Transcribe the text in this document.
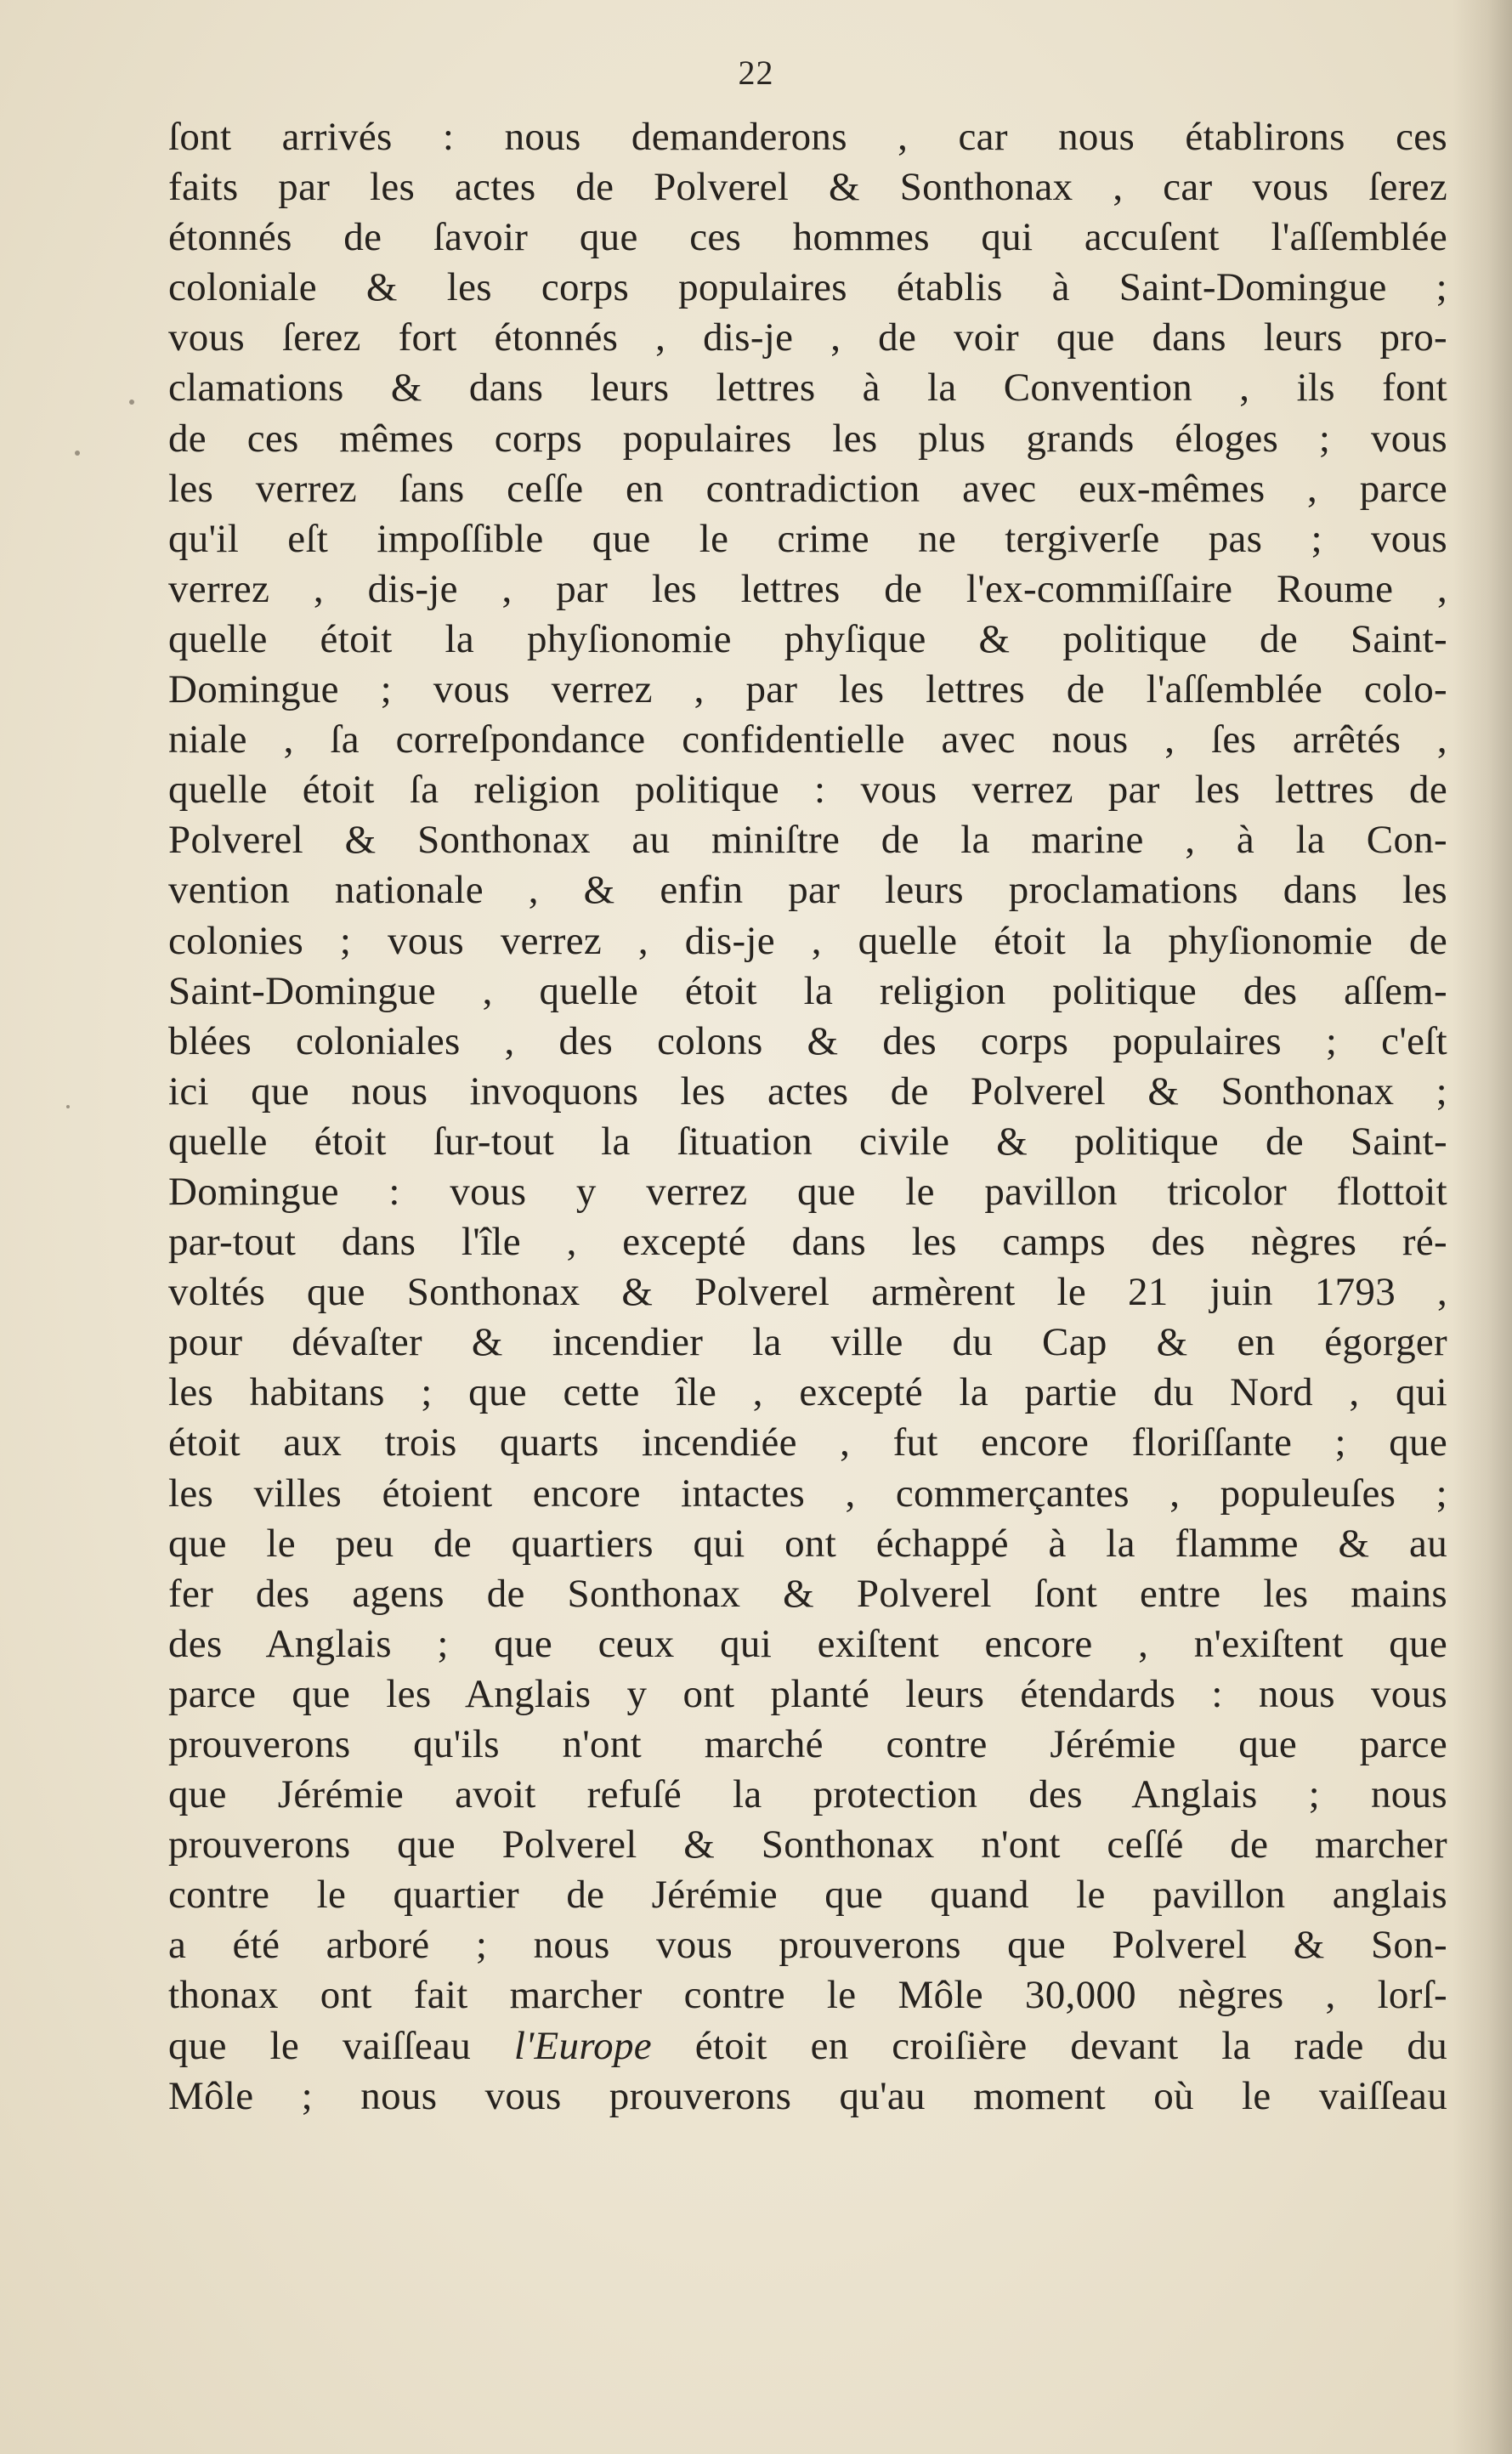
22
ſont arrivés : nous demanderons , car nous établirons ces
faits par les actes de Polverel & Sonthonax , car vous ſerez
étonnés de ſavoir que ces hommes qui accuſent l'aſſemblée
coloniale & les corps populaires établis à Saint-Domingue ;
vous ſerez fort étonnés , dis-je , de voir que dans leurs pro-
clamations & dans leurs lettres à la Convention , ils font
de ces mêmes corps populaires les plus grands éloges ; vous
les verrez ſans ceſſe en contradiction avec eux-mêmes , parce
qu'il eſt impoſſible que le crime ne tergiverſe pas ; vous
verrez , dis-je , par les lettres de l'ex-commiſſaire Roume ,
quelle étoit la phyſionomie phyſique & politique de Saint-
Domingue ; vous verrez , par les lettres de l'aſſemblée colo-
niale , ſa correſpondance confidentielle avec nous , ſes arrêtés ,
quelle étoit ſa religion politique : vous verrez par les lettres de
Polverel & Sonthonax au miniſtre de la marine , à la Con-
vention nationale , & enfin par leurs proclamations dans les
colonies ; vous verrez , dis-je , quelle étoit la phyſionomie de
Saint-Domingue , quelle étoit la religion politique des aſſem-
blées coloniales , des colons & des corps populaires ; c'eſt
ici que nous invoquons les actes de Polverel & Sonthonax ;
quelle étoit ſur-tout la ſituation civile & politique de Saint-
Domingue : vous y verrez que le pavillon tricolor flottoit
par-tout dans l'île , excepté dans les camps des nègres ré-
voltés que Sonthonax & Polverel armèrent le 21 juin 1793 ,
pour dévaſter & incendier la ville du Cap & en égorger
les habitans ; que cette île , excepté la partie du Nord , qui
étoit aux trois quarts incendiée , fut encore floriſſante ; que
les villes étoient encore intactes , commerçantes , populeuſes ;
que le peu de quartiers qui ont échappé à la flamme & au
fer des agens de Sonthonax & Polverel ſont entre les mains
des Anglais ; que ceux qui exiſtent encore , n'exiſtent que
parce que les Anglais y ont planté leurs étendards : nous vous
prouverons qu'ils n'ont marché contre Jérémie que parce
que Jérémie avoit refuſé la protection des Anglais ; nous
prouverons que Polverel & Sonthonax n'ont ceſſé de marcher
contre le quartier de Jérémie que quand le pavillon anglais
a été arboré ; nous vous prouverons que Polverel & Son-
thonax ont fait marcher contre le Môle 30,000 nègres , lorſ-
que le vaiſſeau l'Europe étoit en croiſière devant la rade du
Môle ; nous vous prouverons qu'au moment où le vaiſſeau
